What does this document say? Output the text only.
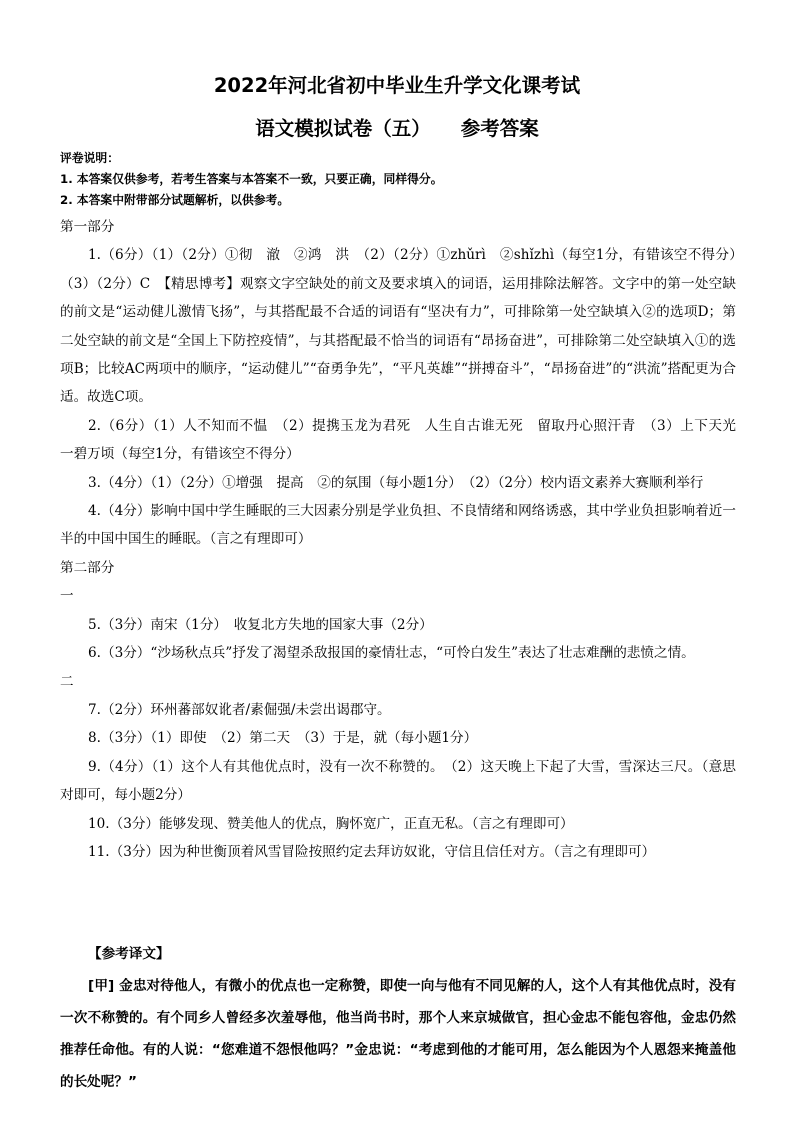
2022年河北省初中毕业生升学文化课考试
语文模拟试卷（五） 参考答案
评卷说明：
1. 本答案仅供参考，若考生答案与本答案不一致，只要正确，同样得分。
2. 本答案中附带部分试题解析，以供参考。

第一部分

1.（6分）（1）（2分）①彻　澈　②鸿　洪　（2）（2分）①zhǔrì　②shǐzhì（每空1分，有错该空不得分）　（3）（2分）C　【精思博考】观察文字空缺处的前文及要求填入的词语，运用排除法解答。文字中的第一处空缺的前文是“运动健儿激情飞扬”，与其搭配最不合适的词语有“坚决有力”，可排除第一处空缺填入②的选项D；第二处空缺的前文是“全国上下防控疫情”，与其搭配最不恰当的词语有“昂扬奋进”，可排除第二处空缺填入①的选项B；比较AC两项中的顺序，“运动健儿”“奋勇争先”，“平凡英雄”“拼搏奋斗”，“昂扬奋进”的“洪流”搭配更为合适。故选C项。

2.（6分）（1）人不知而不愠　（2）提携玉龙为君死　人生自古谁无死　留取丹心照汗青　（3）上下天光　一碧万顷（每空1分，有错该空不得分）

3.（4分）（1）（2分）①增强　提高　②的氛围（每小题1分）　（2）（2分）校内语文素养大赛顺利举行

4.（4分）影响中国中学生睡眠的三大因素分别是学业负担、不良情绪和网络诱惑，其中学业负担影响着近一半的中国中国生的睡眠。（言之有理即可）

第二部分

一

5.（3分）南宋（1分）　收复北方失地的国家大事（2分）

6.（3分）“沙场秋点兵”抒发了渴望杀敌报国的豪情壮志，“可怜白发生”表达了壮志难酬的悲愤之情。

二

7.（2分）环州蕃部奴讹者/素倔强/未尝出谒郡守。

8.（3分）（1）即使　（2）第二天　（3）于是，就（每小题1分）

9.（4分）（1）这个人有其他优点时，没有一次不称赞的。　（2）这天晚上下起了大雪，雪深达三尺。（意思对即可，每小题2分）

10.（3分）能够发现、赞美他人的优点，胸怀宽广，正直无私。（言之有理即可）

11.（3分）因为种世衡顶着风雪冒险按照约定去拜访奴讹，守信且信任对方。（言之有理即可）

【参考译文】

[甲] 金忠对待他人，有微小的优点也一定称赞，即使一向与他有不同见解的人，这个人有其他优点时，没有一次不称赞的。有个同乡人曾经多次羞辱他，他当尚书时，那个人来京城做官，担心金忠不能包容他，金忠仍然推荐任命他。有的人说：“您难道不怨恨他吗？”金忠说：“考虑到他的才能可用，怎么能因为个人恩怨来掩盖他的长处呢？”
